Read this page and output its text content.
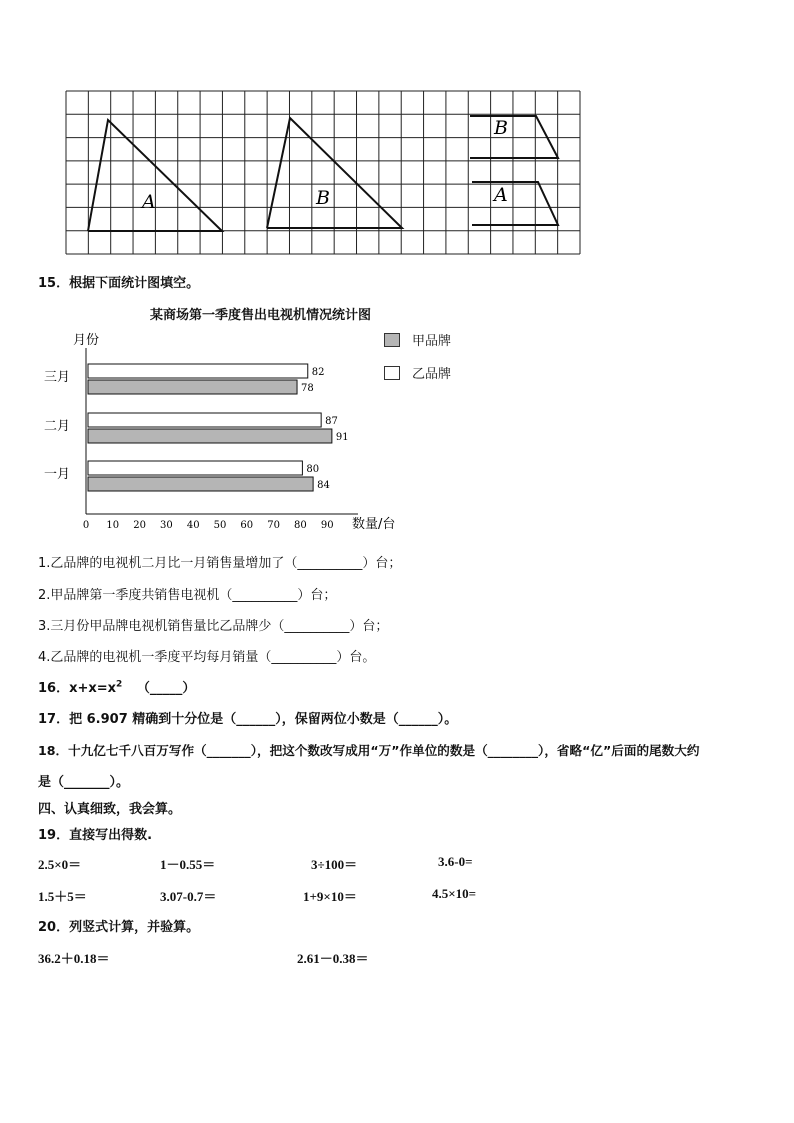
A	B
B
A
15．根据下面统计图填空。
某商场第一季度售出电视机情况统计图
月份
三月	82
78
二月	87
91
一月	80
84
0 10 20 30 40 50 60 70 80 90 数量/台
甲品牌
乙品牌
1.乙品牌的电视机二月比一月销售量增加了（__________）台；
2.甲品牌第一季度共销售电视机（__________）台；
3.三月份甲品牌电视机销售量比乙品牌少（__________）台；
4.乙品牌的电视机一季度平均每月销量（__________）台。
16．$x+x=x^2$ （_____）
17．把 6.907 精确到十分位是（______），保留两位小数是（______）。
18．十九亿七千八百万写作（_______），把这个数改写成用“万”作单位的数是（________），省略“亿”后面的尾数大约
是（_______）。
四、认真细致，我会算。
19．直接写出得数.
2.5×0＝	1－0.55＝	3÷100＝	3.6-0=
1.5＋5＝	3.07-0.7＝	1+9×10＝	4.5×10=
20．列竖式计算，并验算。
36.2＋0.18＝	2.61－0.38＝
